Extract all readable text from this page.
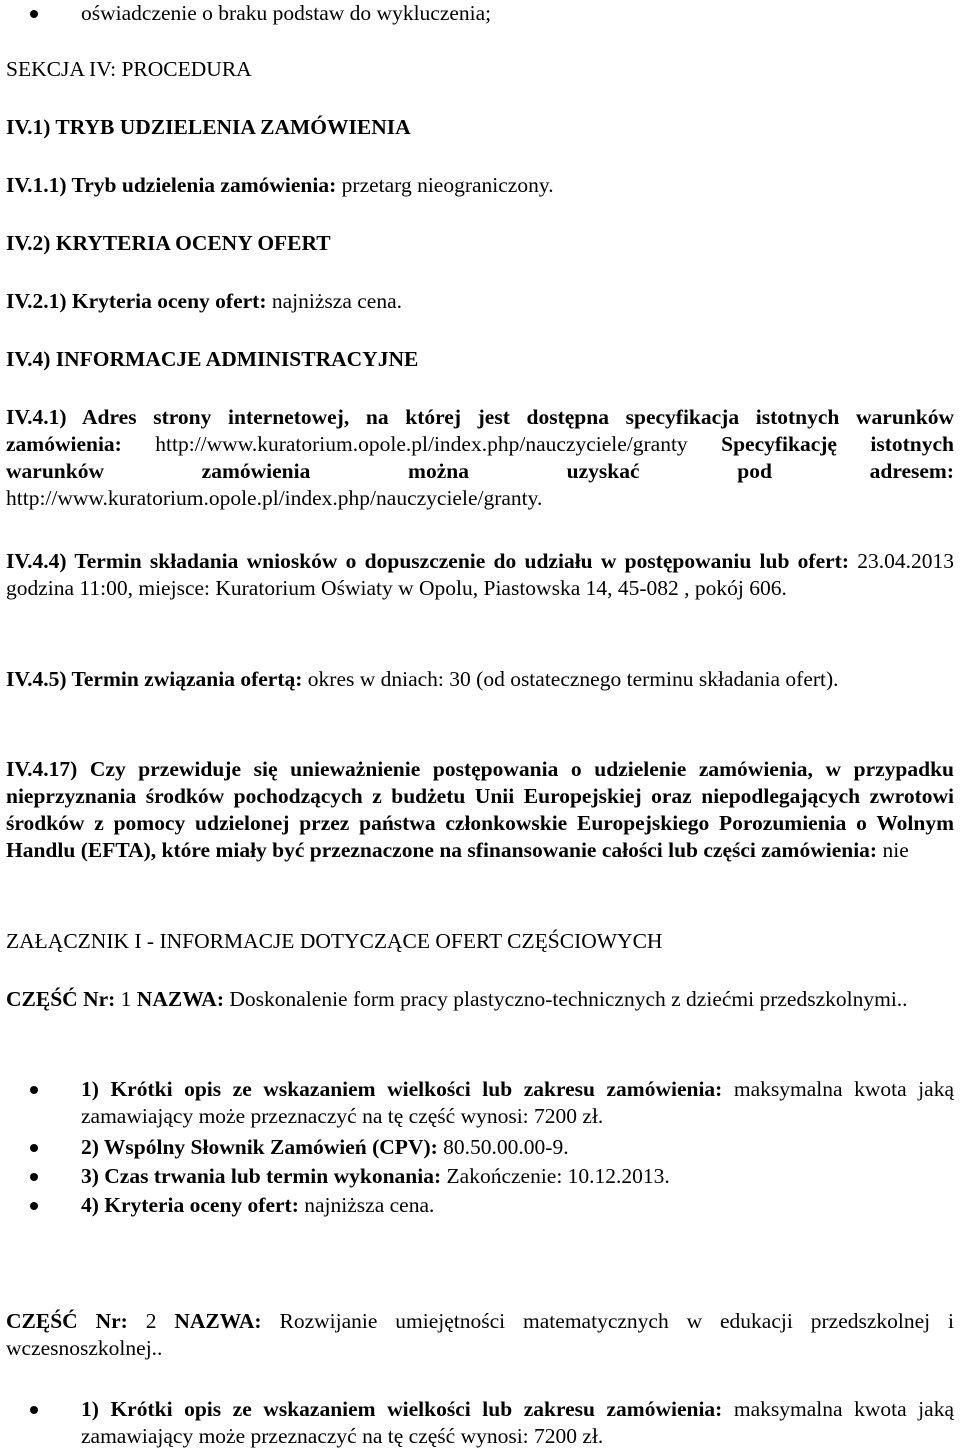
oświadczenie o braku podstaw do wykluczenia;

SEKCJA IV: PROCEDURA

IV.1) TRYB UDZIELENIA ZAMÓWIENIA

IV.1.1) Tryb udzielenia zamówienia: przetarg nieograniczony.

IV.2) KRYTERIA OCENY OFERT

IV.2.1) Kryteria oceny ofert: najniższa cena.

IV.4) INFORMACJE ADMINISTRACYJNE

IV.4.1) Adres strony internetowej, na której jest dostępna specyfikacja istotnych warunków zamówienia: http://www.kuratorium.opole.pl/index.php/nauczyciele/granty Specyfikację istotnych warunków zamówienia można uzyskać pod adresem: http://www.kuratorium.opole.pl/index.php/nauczyciele/granty.

IV.4.4) Termin składania wniosków o dopuszczenie do udziału w postępowaniu lub ofert: 23.04.2013 godzina 11:00, miejsce: Kuratorium Oświaty w Opolu, Piastowska 14, 45-082 , pokój 606.

IV.4.5) Termin związania ofertą: okres w dniach: 30 (od ostatecznego terminu składania ofert).

IV.4.17) Czy przewiduje się unieważnienie postępowania o udzielenie zamówienia, w przypadku nieprzyznania środków pochodzących z budżetu Unii Europejskiej oraz niepodlegających zwrotowi środków z pomocy udzielonej przez państwa członkowskie Europejskiego Porozumienia o Wolnym Handlu (EFTA), które miały być przeznaczone na sfinansowanie całości lub części zamówienia: nie

ZAŁĄCZNIK I - INFORMACJE DOTYCZĄCE OFERT CZĘŚCIOWYCH

CZĘŚĆ Nr: 1 NAZWA: Doskonalenie form pracy plastyczno-technicznych z dziećmi przedszkolnymi..

1) Krótki opis ze wskazaniem wielkości lub zakresu zamówienia: maksymalna kwota jaką zamawiający może przeznaczyć na tę część wynosi: 7200 zł.

2) Wspólny Słownik Zamówień (CPV): 80.50.00.00-9.

3) Czas trwania lub termin wykonania: Zakończenie: 10.12.2013.

4) Kryteria oceny ofert: najniższa cena.

CZĘŚĆ Nr: 2 NAZWA: Rozwijanie umiejętności matematycznych w edukacji przedszkolnej i wczesnoszkolnej..

1) Krótki opis ze wskazaniem wielkości lub zakresu zamówienia: maksymalna kwota jaką zamawiający może przeznaczyć na tę część wynosi: 7200 zł.
